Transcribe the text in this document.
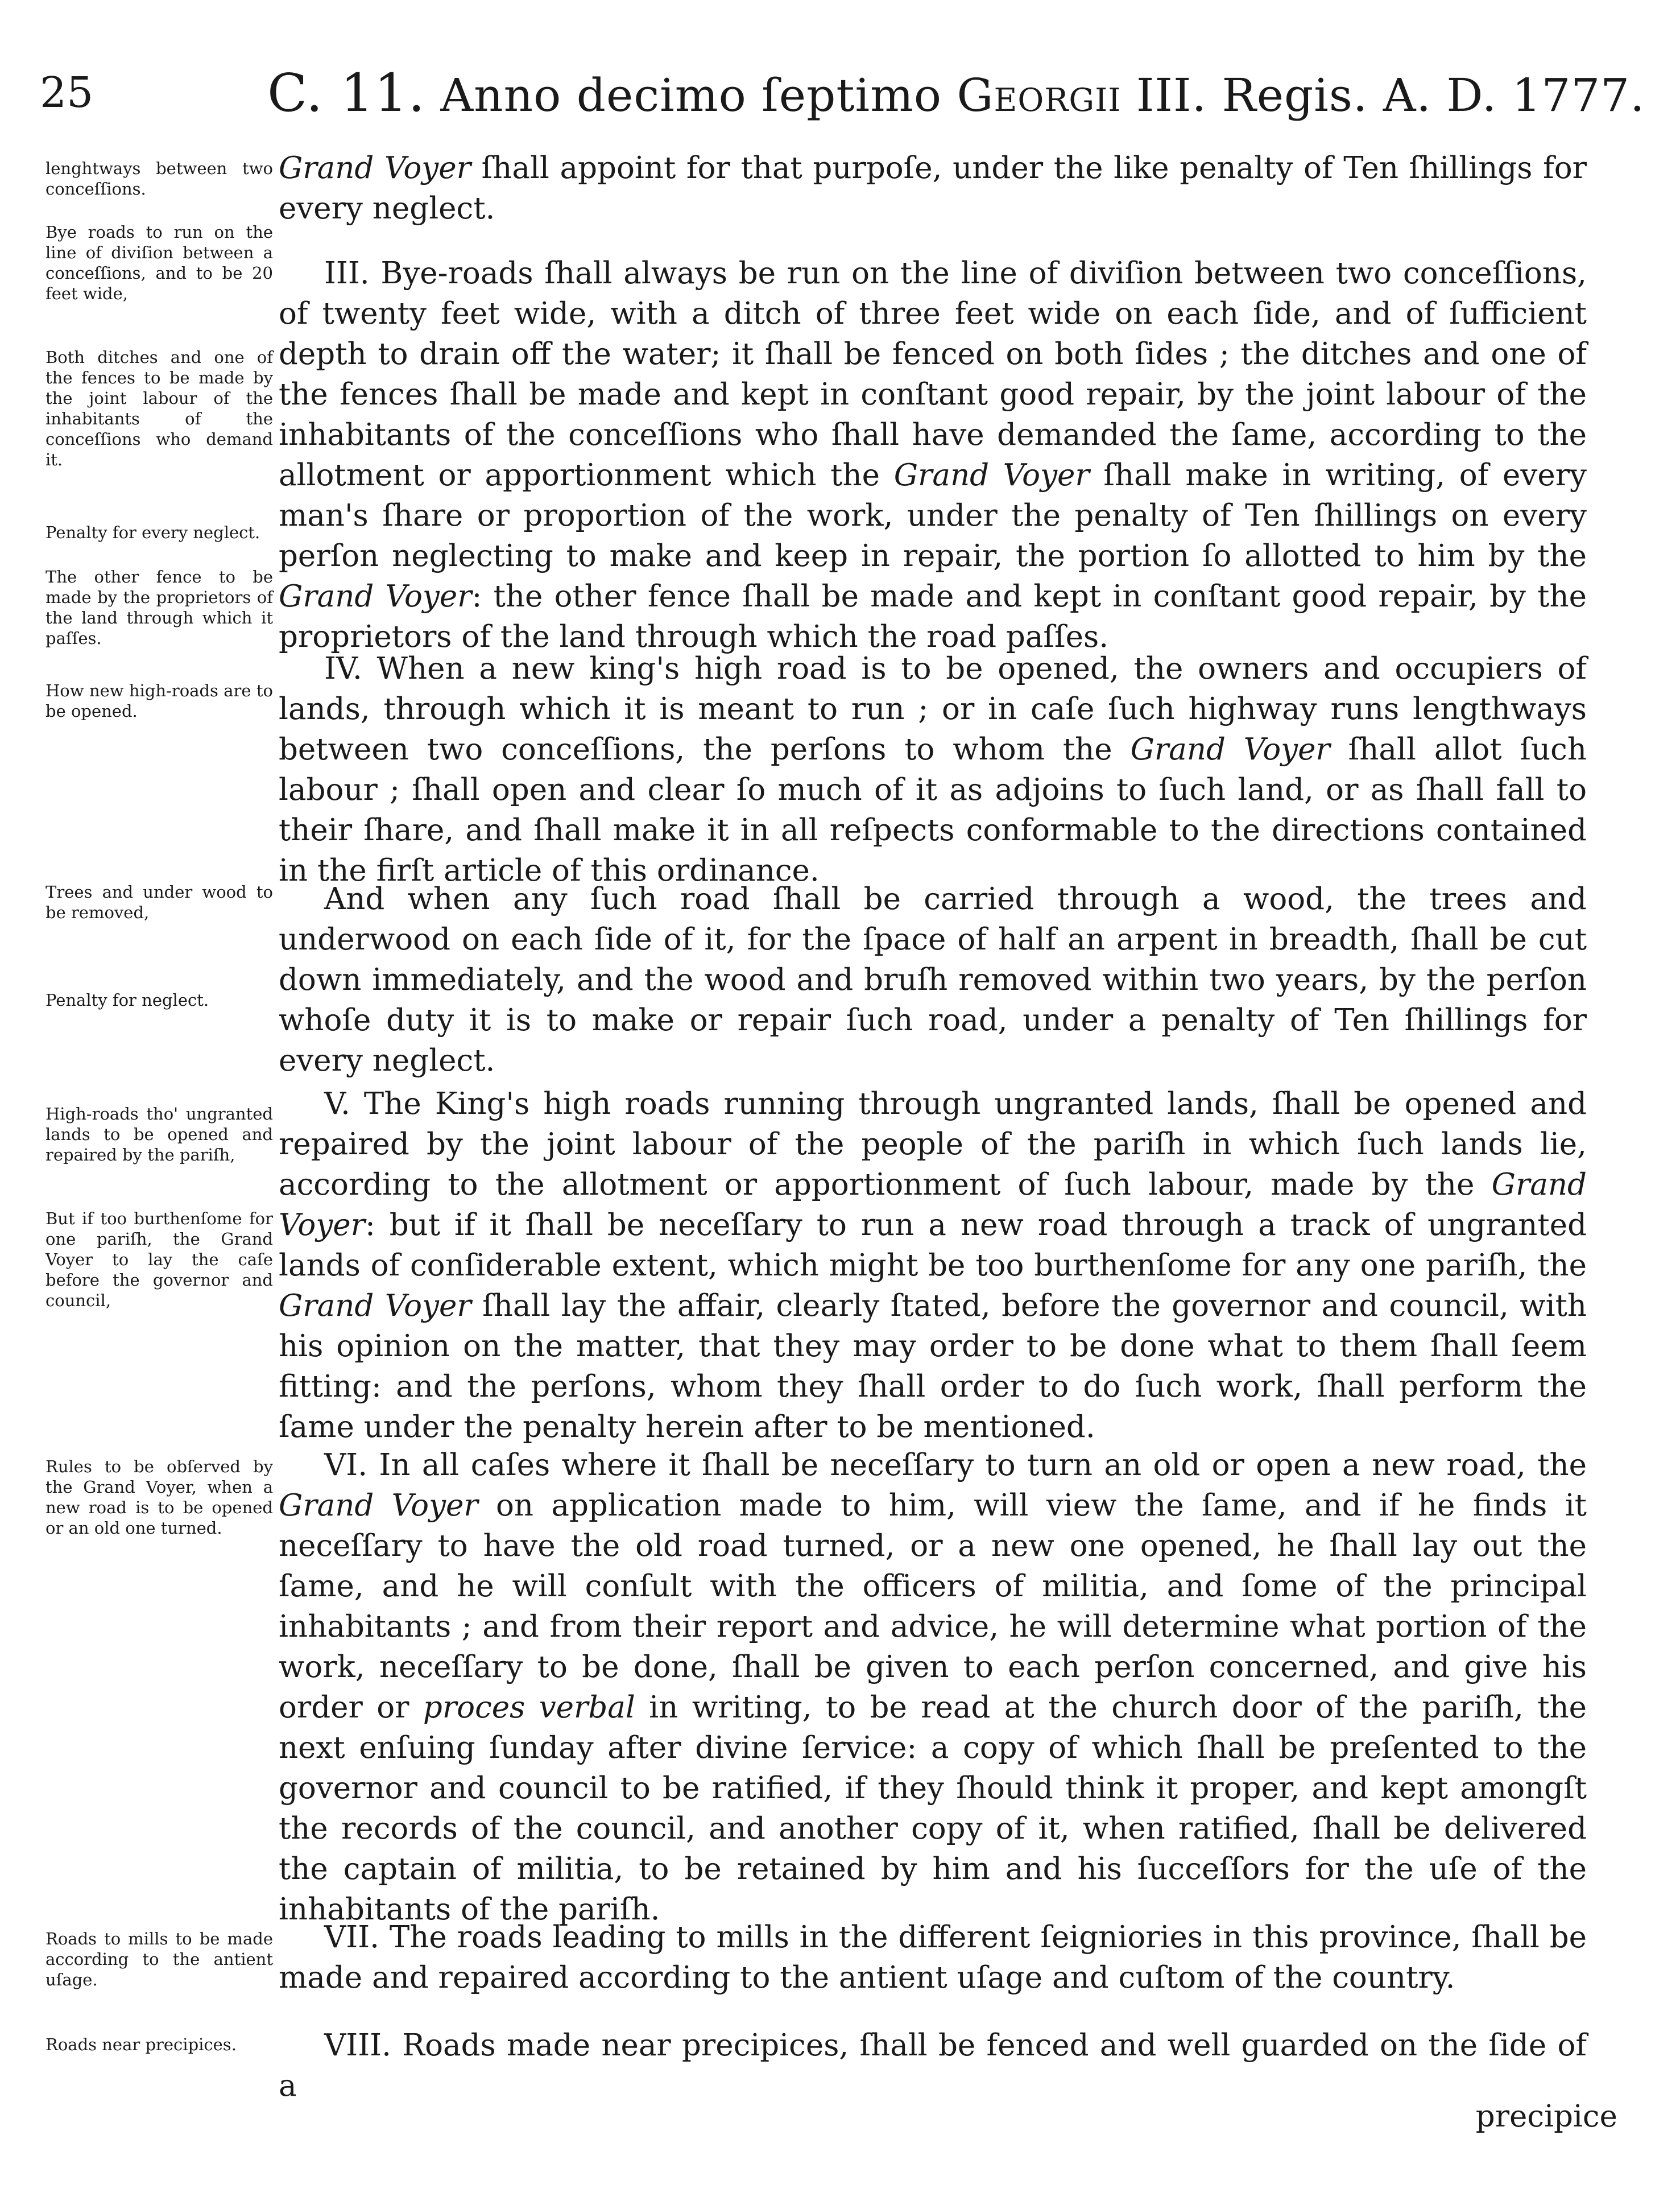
25	C. 11. Anno decimo ſeptimo Georgii III. Regis. A. D. 1777.
lenghtways between two conceſſions.
Bye roads to run on the line of diviſion between a conceſſions, and to be 20 feet wide,
Both ditches and one of the fences to be made by the joint labour of the inhabitants of the conceſſions who demand it.
Penalty for every neglect.
The other fence to be made by the proprietors of the land through which it paſſes.
How new high-roads are to be opened.
Trees and under wood to be removed,
Penalty for neglect.
High-roads tho' ungranted lands to be opened and repaired by the pariſh,
But if too burthenſome for one pariſh, the Grand Voyer to lay the caſe before the governor and council,
Rules to be obſerved by the Grand Voyer, when a new road is to be opened or an old one turned.
Roads to mills to be made according to the antient uſage.
Roads near precipices.

Grand Voyer ſhall appoint for that purpoſe, under the like penalty of Ten ſhillings for every neglect.

III. Bye-roads ſhall always be run on the line of diviſion between two conceſſions, of twenty feet wide, with a ditch of three feet wide on each ſide, and of ſufficient depth to drain off the water; it ſhall be fenced on both ſides ; the ditches and one of the fences ſhall be made and kept in conſtant good repair, by the joint labour of the inhabitants of the conceſſions who ſhall have demanded the ſame, according to the allotment or apportionment which the Grand Voyer ſhall make in writing, of every man's ſhare or proportion of the work, under the penalty of Ten ſhillings on every perſon neglecting to make and keep in repair, the portion ſo allotted to him by the Grand Voyer: the other fence ſhall be made and kept in conſtant good repair, by the proprietors of the land through which the road paſſes.

IV. When a new king's high road is to be opened, the owners and occupiers of lands, through which it is meant to run ; or in caſe ſuch highway runs lengthways between two conceſſions, the perſons to whom the Grand Voyer ſhall allot ſuch labour ; ſhall open and clear ſo much of it as adjoins to ſuch land, or as ſhall fall to their ſhare, and ſhall make it in all reſpects conformable to the directions contained in the firſt article of this ordinance.

And when any ſuch road ſhall be carried through a wood, the trees and underwood on each ſide of it, for the ſpace of half an arpent in breadth, ſhall be cut down immediately, and the wood and bruſh removed within two years, by the perſon whoſe duty it is to make or repair ſuch road, under a penalty of Ten ſhillings for every neglect.

V. The King's high roads running through ungranted lands, ſhall be opened and repaired by the joint labour of the people of the pariſh in which ſuch lands lie, according to the allotment or apportionment of ſuch labour, made by the Grand Voyer: but if it ſhall be neceſſary to run a new road through a track of ungranted lands of conſiderable extent, which might be too burthenſome for any one pariſh, the Grand Voyer ſhall lay the affair, clearly ſtated, before the governor and council, with his opinion on the matter, that they may order to be done what to them ſhall ſeem fitting: and the perſons, whom they ſhall order to do ſuch work, ſhall perform the ſame under the penalty herein after to be mentioned.

VI. In all caſes where it ſhall be neceſſary to turn an old or open a new road, the Grand Voyer on application made to him, will view the ſame, and if he finds it neceſſary to have the old road turned, or a new one opened, he ſhall lay out the ſame, and he will conſult with the officers of militia, and ſome of the principal inhabitants ; and from their report and advice, he will determine what portion of the work, neceſſary to be done, ſhall be given to each perſon concerned, and give his order or proces verbal in writing, to be read at the church door of the pariſh, the next enſuing ſunday after divine ſervice: a copy of which ſhall be preſented to the governor and council to be ratified, if they ſhould think it proper, and kept amongſt the records of the council, and another copy of it, when ratified, ſhall be delivered the captain of militia, to be retained by him and his ſucceſſors for the uſe of the inhabitants of the pariſh.

VII. The roads leading to mills in the different ſeigniories in this province, ſhall be made and repaired according to the antient uſage and cuſtom of the country.

VIII. Roads made near precipices, ſhall be fenced and well guarded on the ſide of a

precipice
